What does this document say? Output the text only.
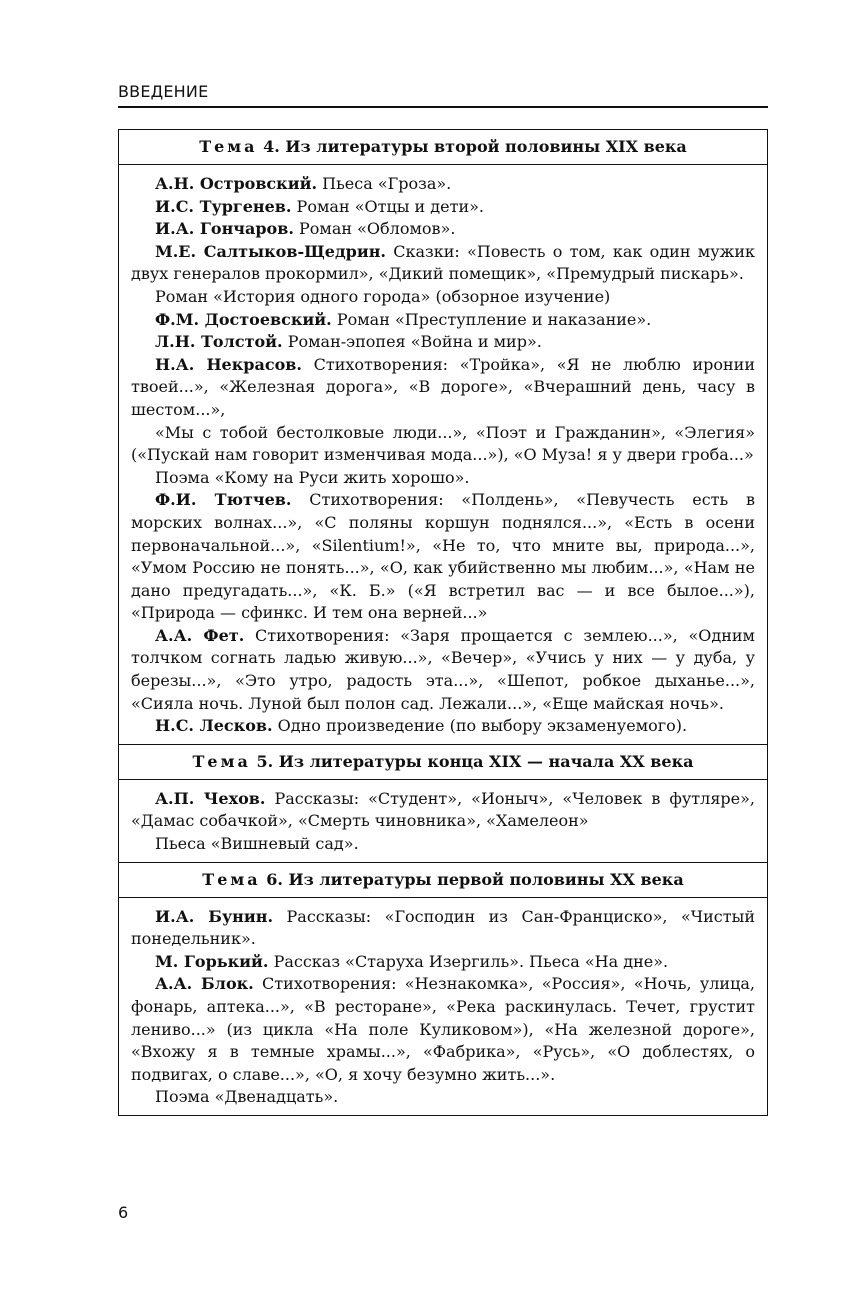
ВВЕДЕНИЕ
Тема 4. Из литературы второй половины XIX века

А.Н. Островский. Пьеса «Гроза».

И.С. Тургенев. Роман «Отцы и дети».

И.А. Гончаров. Роман «Обломов».

М.Е. Салтыков-Щедрин. Сказки: «Повесть о том, как один мужик двух генералов прокормил», «Дикий помещик», «Премудрый пискарь».

Роман «История одного города» (обзорное изучение)

Ф.М. Достоевский. Роман «Преступление и наказание».

Л.Н. Толстой. Роман-эпопея «Война и мир».

Н.А. Некрасов. Стихотворения: «Тройка», «Я не люблю иронии твоей...», «Железная дорога», «В дороге», «Вчерашний день, часу в шестом...»,

«Мы с тобой бестолковые люди...», «Поэт и Гражданин», «Элегия» («Пускай нам говорит изменчивая мода...»), «О Муза! я у двери гроба...»

Поэма «Кому на Руси жить хорошо».

Ф.И. Тютчев. Стихотворения: «Полдень», «Певучесть есть в морских волнах...», «С поляны коршун поднялся...», «Есть в осени первоначальной...», «Silentium!», «Не то, что мните вы, природа...», «Умом Россию не понять...», «О, как убийственно мы любим...», «Нам не дано предугадать...», «К. Б.» («Я встретил вас — и все былое...»), «Природа — сфинкс. И тем она верней...»

А.А. Фет. Стихотворения: «Заря прощается с землею...», «Одним толчком согнать ладью живую...», «Вечер», «Учись у них — у дуба, у березы...», «Это утро, радость эта...», «Шепот, робкое дыханье...», «Сияла ночь. Луной был полон сад. Лежали...», «Еще майская ночь».

Н.С. Лесков. Одно произведение (по выбору экзаменуемого).

Тема 5. Из литературы конца XIX — начала XX века

А.П. Чехов. Рассказы: «Студент», «Ионыч», «Человек в футляре», «Дамас собачкой», «Смерть чиновника», «Хамелеон»

Пьеса «Вишневый сад».

Тема 6. Из литературы первой половины XX века

И.А. Бунин. Рассказы: «Господин из Сан-Франциско», «Чистый понедельник».

М. Горький. Рассказ «Старуха Изергиль». Пьеса «На дне».

А.А. Блок. Стихотворения: «Незнакомка», «Россия», «Ночь, улица, фонарь, аптека...», «В ресторане», «Река раскинулась. Течет, грустит лениво...» (из цикла «На поле Куликовом»), «На железной дороге», «Вхожу я в темные храмы...», «Фабрика», «Русь», «О доблестях, о подвигах, о славе...», «О, я хочу безумно жить...».

Поэма «Двенадцать».

6
